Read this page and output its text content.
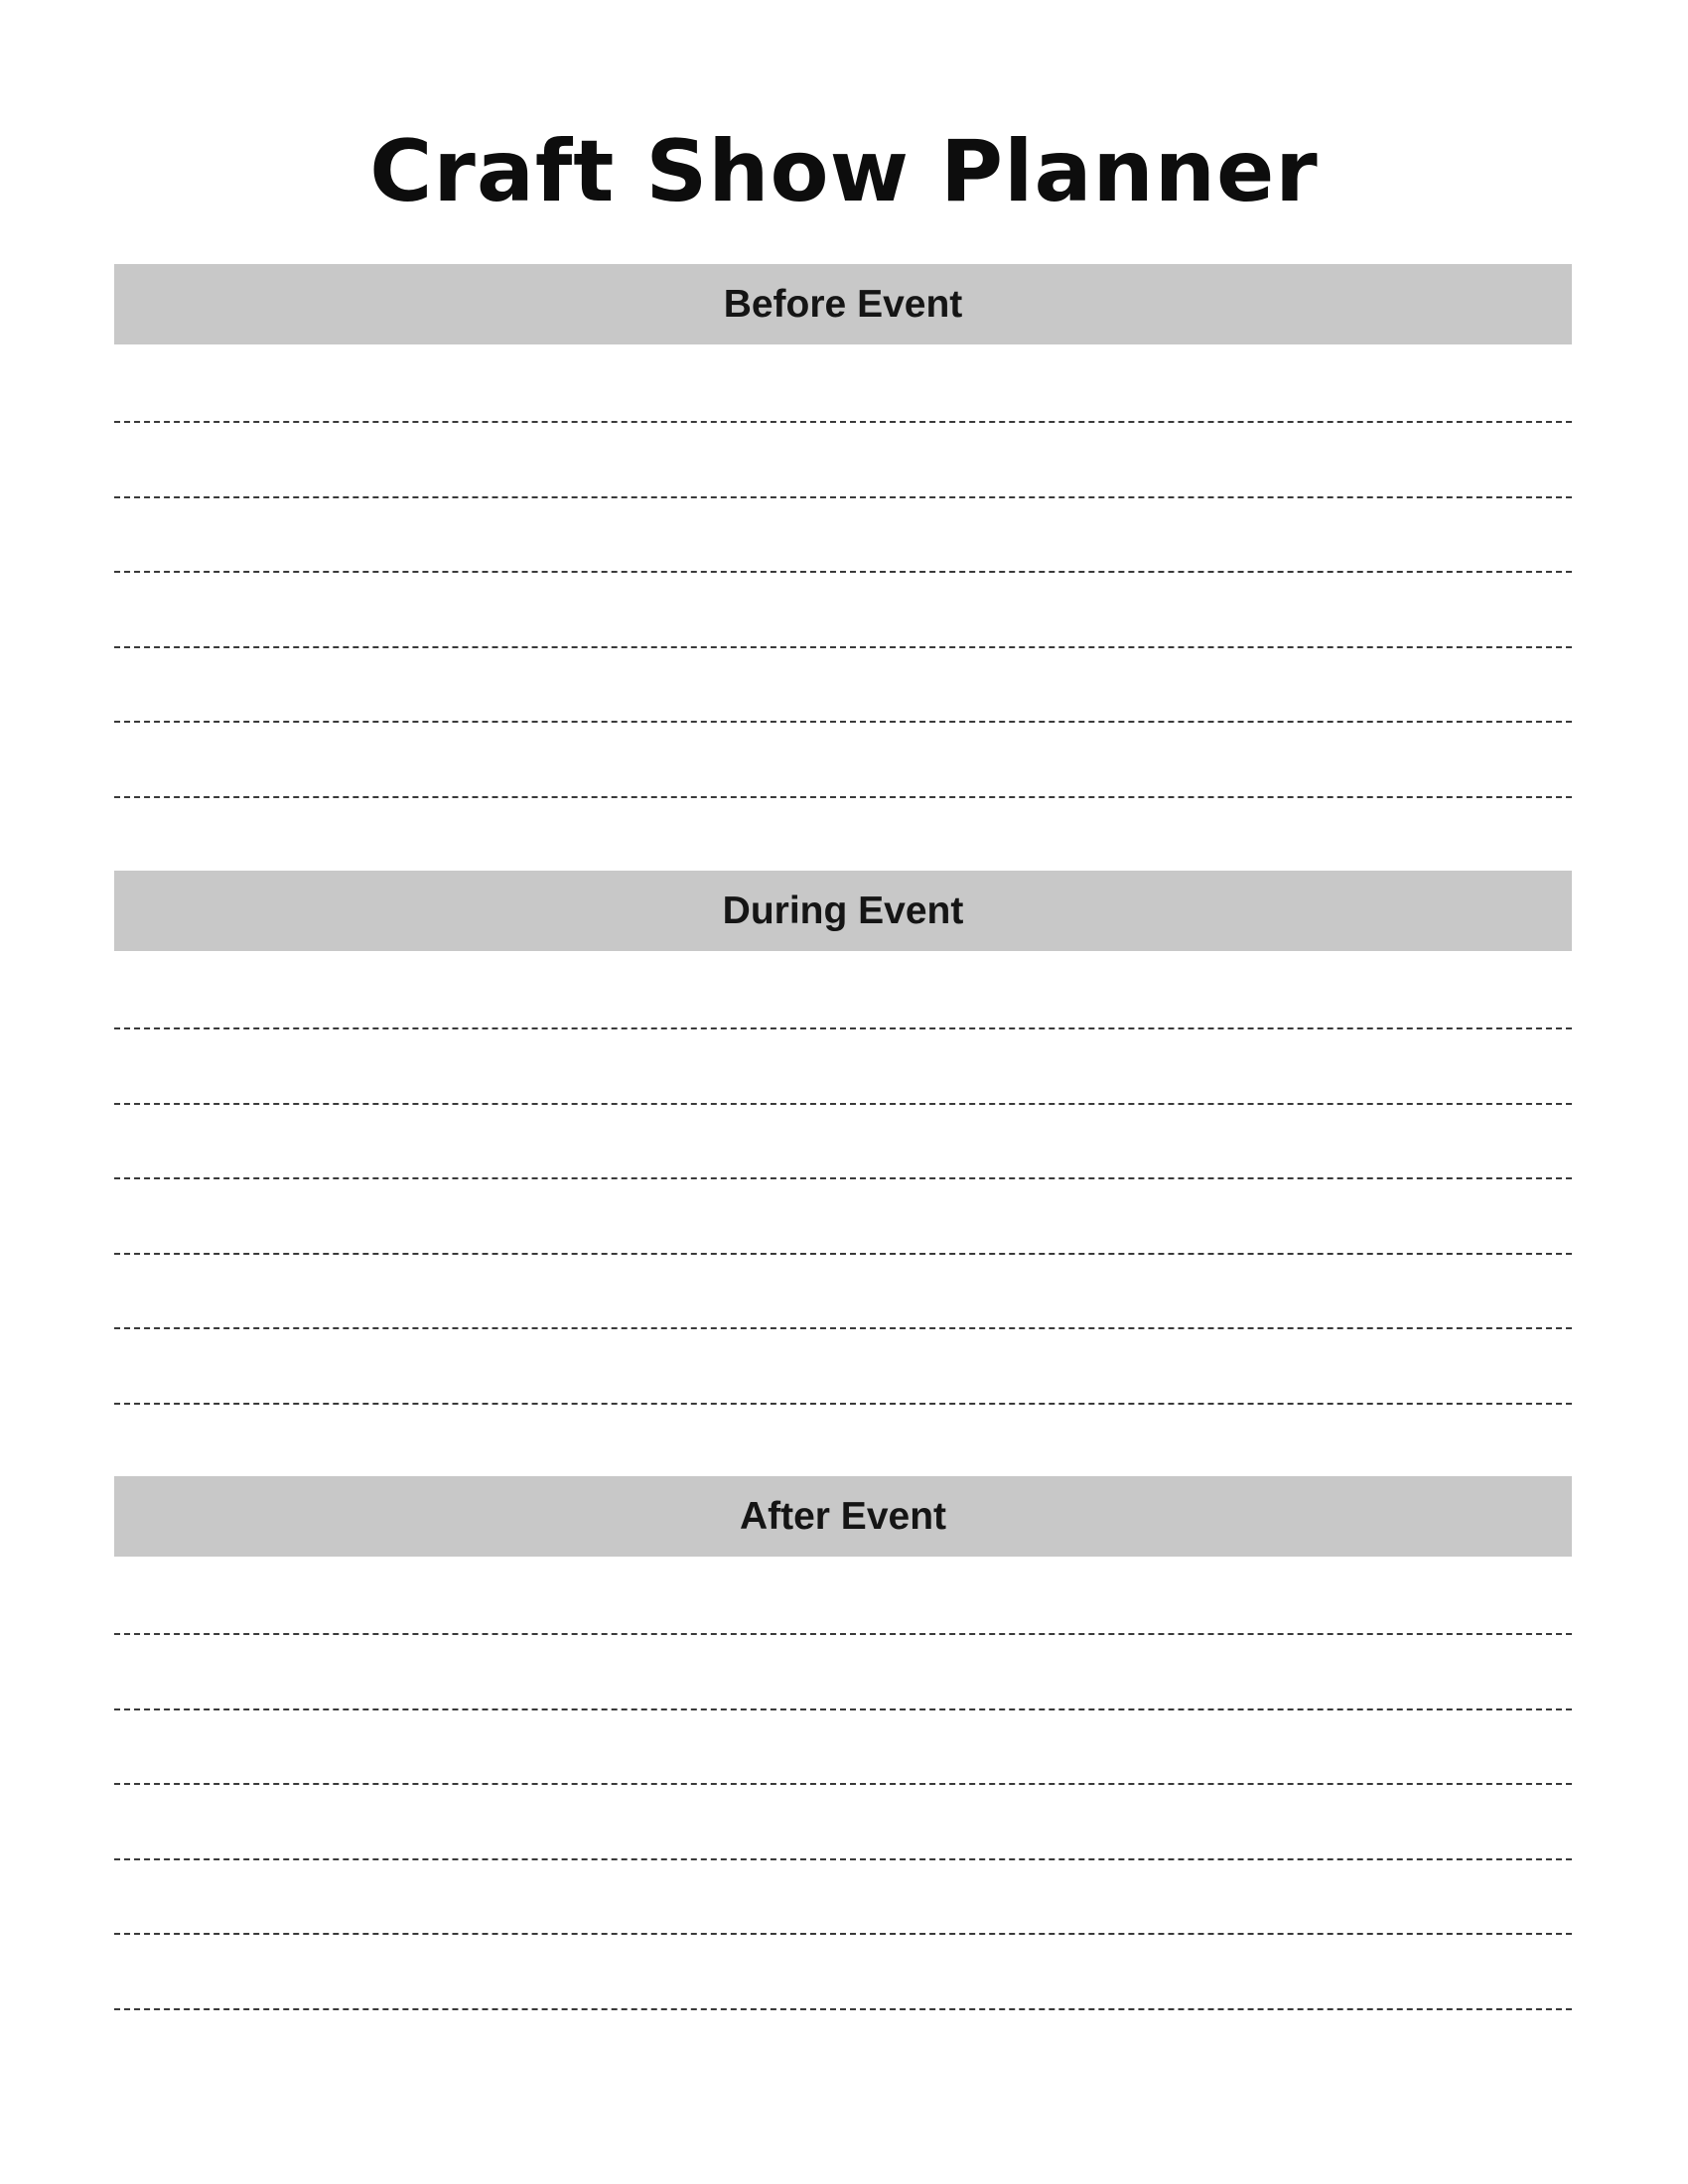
Craft Show Planner
Before Event
During Event
After Event
